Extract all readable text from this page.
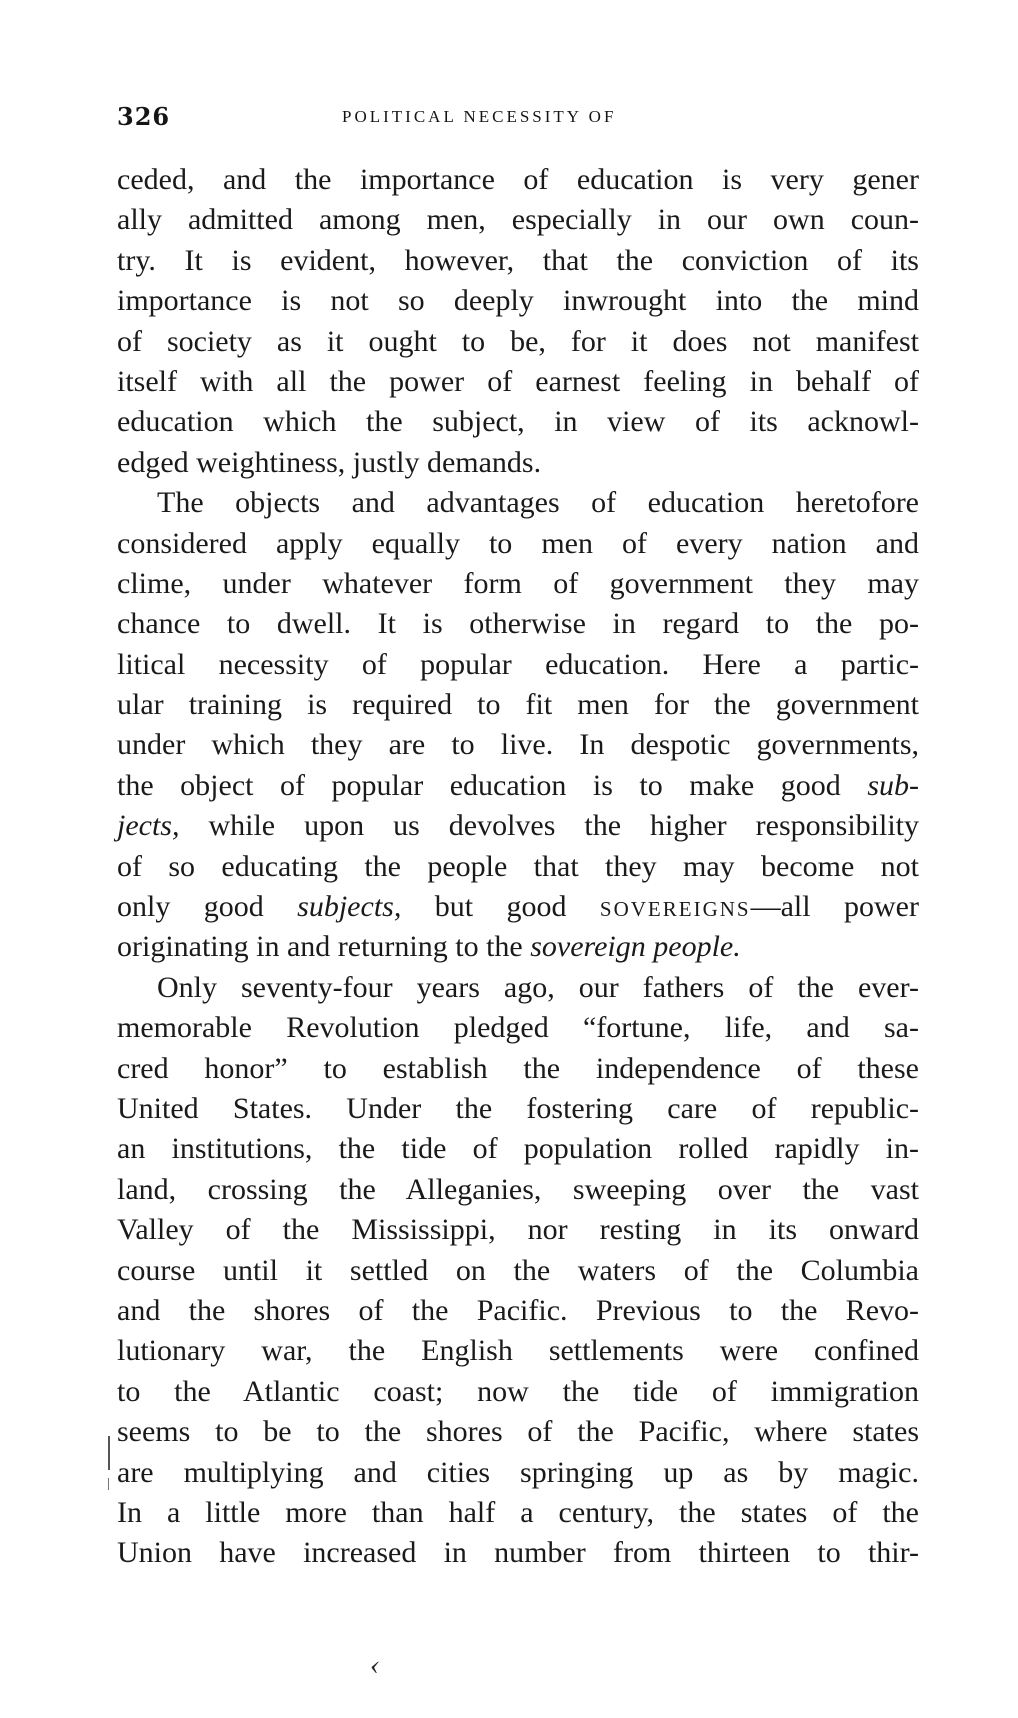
326	POLITICAL NECESSITY OF
ceded, and the importance of education is very gener
ally admitted among men, especially in our own coun-
try. It is evident, however, that the conviction of its
importance is not so deeply inwrought into the mind
of society as it ought to be, for it does not manifest
itself with all the power of earnest feeling in behalf of
education which the subject, in view of its acknowl-
edged weightiness, justly demands.
The objects and advantages of education heretofore
considered apply equally to men of every nation and
clime, under whatever form of government they may
chance to dwell. It is otherwise in regard to the po-
litical necessity of popular education. Here a partic-
ular training is required to fit men for the government
under which they are to live. In despotic governments,
the object of popular education is to make good sub-
jects, while upon us devolves the higher responsibility
of so educating the people that they may become not
only good subjects, but good SOVEREIGNS—all power
originating in and returning to the sovereign people.
Only seventy-four years ago, our fathers of the ever-
memorable Revolution pledged “fortune, life, and sa-
cred honor” to establish the independence of these
United States. Under the fostering care of republic-
an institutions, the tide of population rolled rapidly in-
land, crossing the Alleganies, sweeping over the vast
Valley of the Mississippi, nor resting in its onward
course until it settled on the waters of the Columbia
and the shores of the Pacific. Previous to the Revo-
lutionary war, the English settlements were confined
to the Atlantic coast; now the tide of immigration
seems to be to the shores of the Pacific, where states
are multiplying and cities springing up as by magic.
In a little more than half a century, the states of the
Union have increased in number from thirteen to thir-
‹
